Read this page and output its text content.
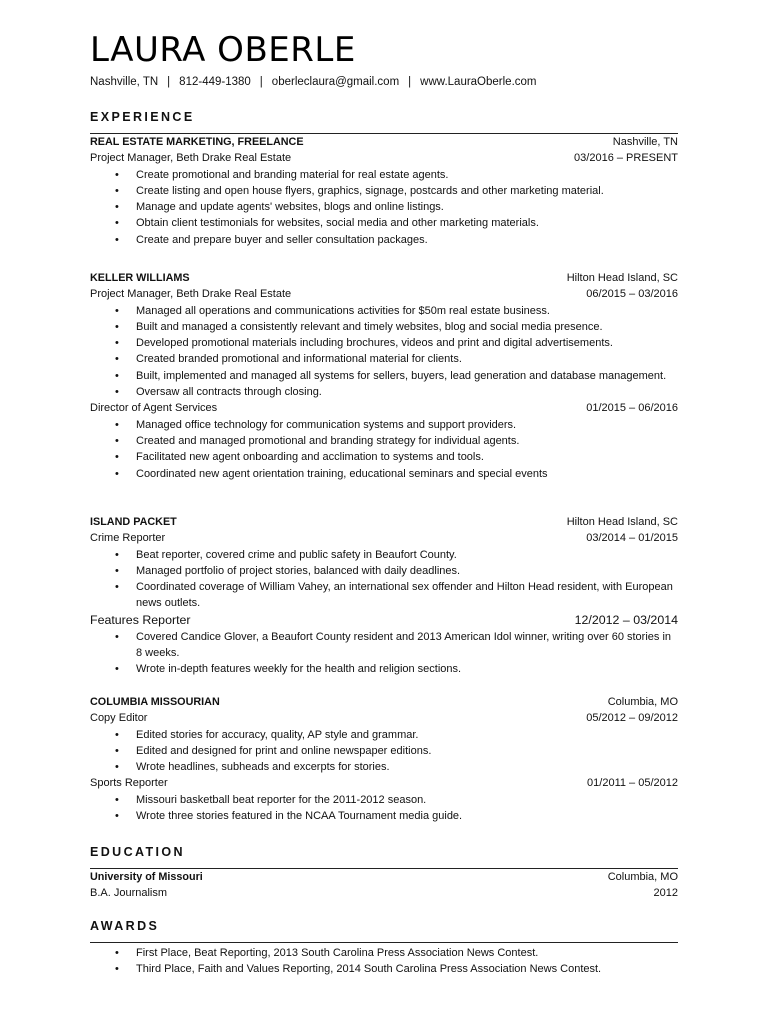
LAURA OBERLE
Nashville, TN | 812-449-1380 | oberleclaura@gmail.com | www.LauraOberle.com
EXPERIENCE
REAL ESTATE MARKETING, FREELANCE	Nashville, TN
Project Manager, Beth Drake Real Estate	03/2016 – PRESENT
• Create promotional and branding material for real estate agents.
• Create listing and open house flyers, graphics, signage, postcards and other marketing material.
• Manage and update agents' websites, blogs and online listings.
• Obtain client testimonials for websites, social media and other marketing materials.
• Create and prepare buyer and seller consultation packages.
KELLER WILLIAMS	Hilton Head Island, SC
Project Manager, Beth Drake Real Estate	06/2015 – 03/2016
• Managed all operations and communications activities for $50m real estate business.
• Built and managed a consistently relevant and timely websites, blog and social media presence.
• Developed promotional materials including brochures, videos and print and digital advertisements.
• Created branded promotional and informational material for clients.
• Built, implemented and managed all systems for sellers, buyers, lead generation and database management.
• Oversaw all contracts through closing.
Director of Agent Services	01/2015 – 06/2016
• Managed office technology for communication systems and support providers.
• Created and managed promotional and branding strategy for individual agents.
• Facilitated new agent onboarding and acclimation to systems and tools.
• Coordinated new agent orientation training, educational seminars and special events
ISLAND PACKET	Hilton Head Island, SC
Crime Reporter	03/2014 – 01/2015
• Beat reporter, covered crime and public safety in Beaufort County.
• Managed portfolio of project stories, balanced with daily deadlines.
• Coordinated coverage of William Vahey, an international sex offender and Hilton Head resident, with European news outlets.
Features Reporter	12/2012 – 03/2014
• Covered Candice Glover, a Beaufort County resident and 2013 American Idol winner, writing over 60 stories in 8 weeks.
• Wrote in-depth features weekly for the health and religion sections.
COLUMBIA MISSOURIAN	Columbia, MO
Copy Editor	05/2012 – 09/2012
• Edited stories for accuracy, quality, AP style and grammar.
• Edited and designed for print and online newspaper editions.
• Wrote headlines, subheads and excerpts for stories.
Sports Reporter	01/2011 – 05/2012
• Missouri basketball beat reporter for the 2011-2012 season.
• Wrote three stories featured in the NCAA Tournament media guide.
EDUCATION
University of Missouri	Columbia, MO
B.A. Journalism	2012
AWARDS
• First Place, Beat Reporting, 2013 South Carolina Press Association News Contest.
• Third Place, Faith and Values Reporting, 2014 South Carolina Press Association News Contest.
